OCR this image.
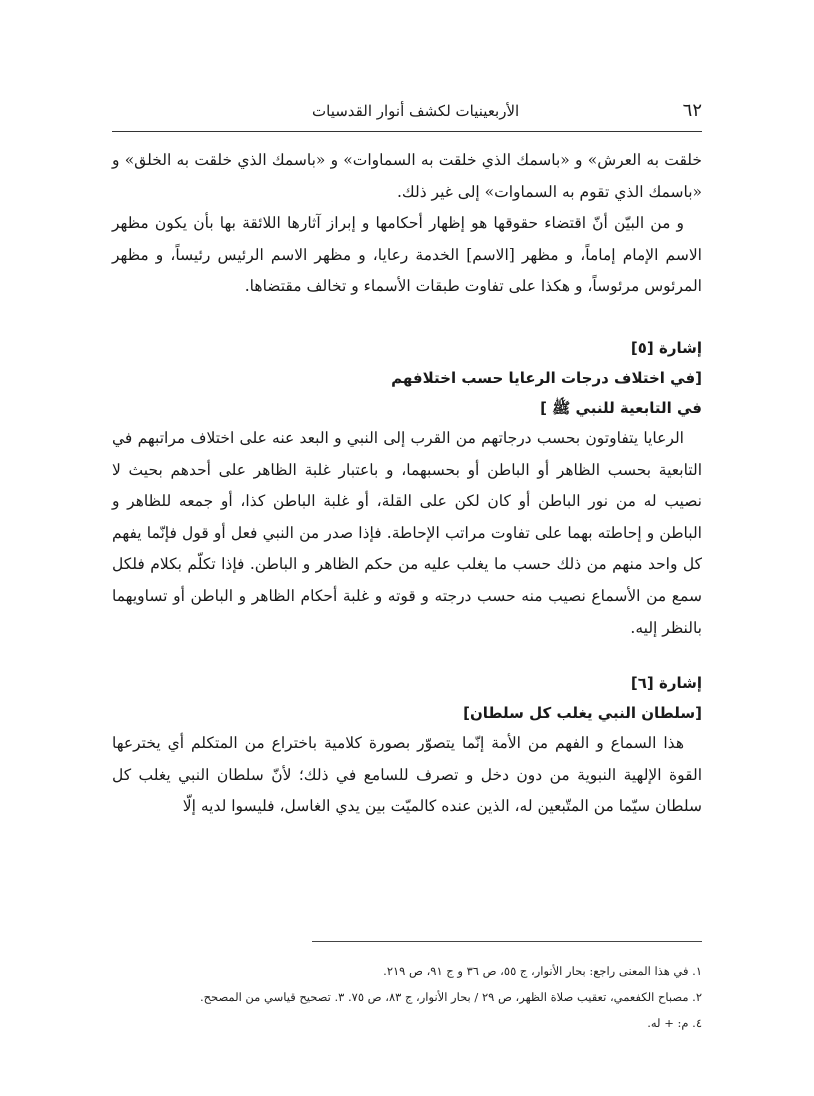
٦٢
الأربعينيات لكشف أنوار القدسيات

خلقت به العرش» و «باسمك الذي خلقت به السماوات» و «باسمك الذي خلقت به الخلق» و «باسمك الذي تقوم به السماوات» إلى غير ذلك.

و من البيّن أنّ اقتضاء حقوقها هو إظهار أحكامها و إبراز آثارها اللائقة بها بأن يكون مظهر الاسم الإمام إماماً، و مظهر [الاسم] الخدمة رعايا، و مظهر الاسم الرئيس رئيساً، و مظهر المرئوس مرئوساً، و هكذا على تفاوت طبقات الأسماء و تخالف مقتضاها.

إشارة [٥]

[في اختلاف درجات الرعايا حسب اختلافهم

في التابعية للنبي ﷺ ]

الرعايا يتفاوتون بحسب درجاتهم من القرب إلى النبي و البعد عنه على اختلاف مراتبهم في التابعية بحسب الظاهر أو الباطن أو بحسبهما، و باعتبار غلبة الظاهر على أحدهم بحيث لا نصيب له من نور الباطن أو كان لكن على القلة، أو غلبة الباطن كذا، أو جمعه للظاهر و الباطن و إحاطته بهما على تفاوت مراتب الإحاطة. فإذا صدر من النبي فعل أو قول فإنّما يفهم كل واحد منهم من ذلك حسب ما يغلب عليه من حكم الظاهر و الباطن. فإذا تكلّم بكلام فلكل سمع من الأسماع نصيب منه حسب درجته و قوته و غلبة أحكام الظاهر و الباطن أو تساويهما بالنظر إليه.

إشارة [٦]

[سلطان النبي يغلب كل سلطان]

هذا السماع و الفهم من الأمة إنّما يتصوّر بصورة كلامية باختراع من المتكلم أي يخترعها القوة الإلهية النبوية من دون دخل و تصرف للسامع في ذلك؛ لأنّ سلطان النبي يغلب كل سلطان سيّما من المتّبعين له، الذين عنده كالميّت بين يدي الغاسل، فليسوا لديه إلّا

١. في هذا المعنى راجع: بحار الأنوار، ج ٥٥، ص ٣٦ و ج ٩١، ص ٢١٩.
٢. مصباح الكفعمي، تعقيب صلاة الظهر، ص ٢٩ / بحار الأنوار، ج ٨٣، ص ٧٥. ٣. تصحيح قياسي من المصحح.
٤. م: + له.
